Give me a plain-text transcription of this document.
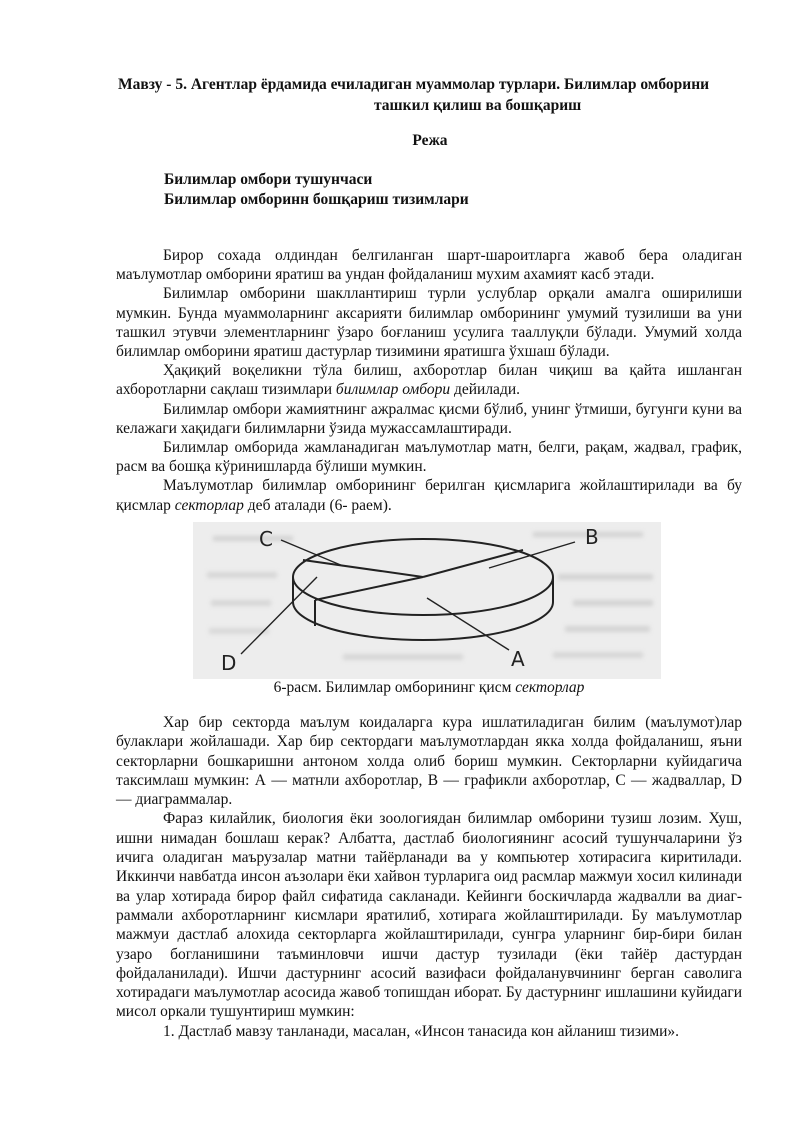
Мавзу - 5. Агентлар ёрдамида ечиладиган муаммолар турлари. Билимлар омборини
ташкил қилиш ва бошқариш
Режа
Билимлар омбори тушунчаси
Билимлар омборинн бошқариш тизимлари

Бирор сохада олдиндан белгиланган шарт-шароитларга жавоб бера оладиган маълумотлар омборини яратиш ва ундан фойдаланиш мухим ахамият касб этади.

Билимлар омборини шакллантириш турли услублар орқали амалга оширилиши мумкин. Бунда муаммоларнинг аксарияти билимлар омборининг умумий тузилиши ва уни ташкил этувчи элементларнинг ўзаро боғланиш усулига тааллуқли бўлади. Умумий холда билимлар омборини яратиш дастурлар тизимини яратишга ўхшаш бўлади.

Ҳақиқий воқеликни тўла билиш, ахборотлар билан чиқиш ва қайта ишланган ахборотларни сақлаш тизимлари билимлар омбори дейилади.

Билимлар омбори жамиятнинг ажралмас қисми бўлиб, унинг ўтмиши, бугунги куни ва келажаги хақидаги билимларни ўзида мужассамлаштиради.

Билимлар омборида жамланадиган маълумотлар матн, белги, рақам, жадвал, график, расм ва бошқа кўринишларда бўлиши мумкин.

Маълумотлар билимлар омборининг берилган қисмларига жойлаштирилади ва бу қисмлар секторлар деб аталади (6- раем).

C	B
D	A
6-расм. Билимлар омборининг қисм секторлар

Хар бир секторда маълум коидаларга кура ишлатиладиган билим (маълумот)лар булаклари жойлашади. Хар бир сектордаги маълумотлардан якка холда фойдаланиш, яъни секторларни бошкаришни антоном холда олиб бориш мумкин. Секторларни куйидагича таксимлаш мумкин: А — матнли ахборотлар, В — графикли ахборотлар, С — жадваллар, D — диаграммалар.

Фараз килайлик, биология ёки зоологиядан билимлар омборини тузиш лозим. Хуш, ишни нимадан бошлаш керак? Албатта, дастлаб биологиянинг асосий тушунчаларини ўз ичига оладиган маърузалар матни тайёрланади ва у компьютер хотирасига киритилади. Иккинчи навбатда инсон аъзолари ёки хайвон турларига оид расмлар мажмуи хосил килинади ва улар хотирада бирор файл сифатида сакланади. Кейинги боскичларда жадвалли ва диаг- раммали ахборотларнинг кисмлари яратилиб, хотирага жойлаштирилади. Бу маълумотлар мажмуи дастлаб алохида секторларга жойлаштирилади, сунгра уларнинг бир-бири билан узаро богланишини таъминловчи ишчи дастур тузилади (ёки тайёр дастурдан фойдаланилади). Ишчи дастурнинг асосий вазифаси фойдаланувчининг берган саволига хотирадаги маълумотлар асосида жавоб топишдан иборат. Бу дастурнинг ишлашини куйидаги мисол оркали тушунтириш мумкин:

1. Дастлаб мавзу танланади, масалан, «Инсон танасида кон айланиш тизими».
